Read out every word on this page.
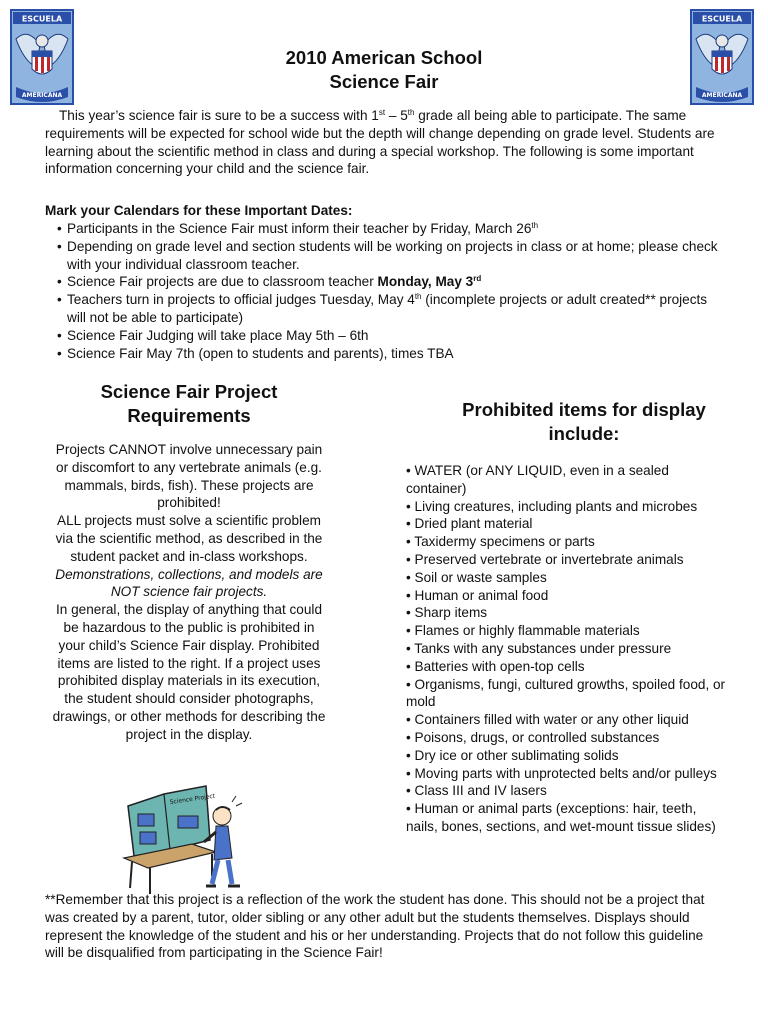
ESCUELA
AMERICANA
ESCUELA
AMERICANA
2010 American School
Science Fair

This year’s science fair is sure to be a success with 1st – 5th grade all being able to participate. The same requirements will be expected for school wide but the depth will change depending on grade level. Students are learning about the scientific method in class and during a special workshop. The following is some important information concerning your child and the science fair.

Mark your Calendars for these Important Dates:
• Participants in the Science Fair must inform their teacher by Friday, March 26th
• Depending on grade level and section students will be working on projects in class or at home; please check with your individual classroom teacher.
• Science Fair projects are due to classroom teacher Monday, May 3rd
• Teachers turn in projects to official judges Tuesday, May 4th (incomplete projects or adult created** projects will not be able to participate)
• Science Fair Judging will take place May 5th – 6th
• Science Fair May 7th (open to students and parents), times TBA
Science Fair Project
Requirements

Projects CANNOT involve unnecessary pain or discomfort to any vertebrate animals (e.g. mammals, birds, fish). These projects are prohibited!

ALL projects must solve a scientific problem via the scientific method, as described in the student packet and in-class workshops. Demonstrations, collections, and models are NOT science fair projects.

In general, the display of anything that could be hazardous to the public is prohibited in your child’s Science Fair display. Prohibited items are listed to the right. If a project uses prohibited display materials in its execution, the student should consider photographs, drawings, or other methods for describing the project in the display.

Prohibited items for display
include:
• WATER (or ANY LIQUID, even in a sealed container)
• Living creatures, including plants and microbes
• Dried plant material
• Taxidermy specimens or parts
• Preserved vertebrate or invertebrate animals
• Soil or waste samples
• Human or animal food
• Sharp items
• Flames or highly flammable materials
• Tanks with any substances under pressure
• Batteries with open-top cells
• Organisms, fungi, cultured growths, spoiled food, or mold
• Containers filled with water or any other liquid
• Poisons, drugs, or controlled substances
• Dry ice or other sublimating solids
• Moving parts with unprotected belts and/or pulleys
• Class III and IV lasers
• Human or animal parts (exceptions: hair, teeth, nails, bones, sections, and wet-mount tissue slides)
Science Project

**Remember that this project is a reflection of the work the student has done. This should not be a project that was created by a parent, tutor, older sibling or any other adult but the students themselves. Displays should represent the knowledge of the student and his or her understanding. Projects that do not follow this guideline will be disqualified from participating in the Science Fair!
